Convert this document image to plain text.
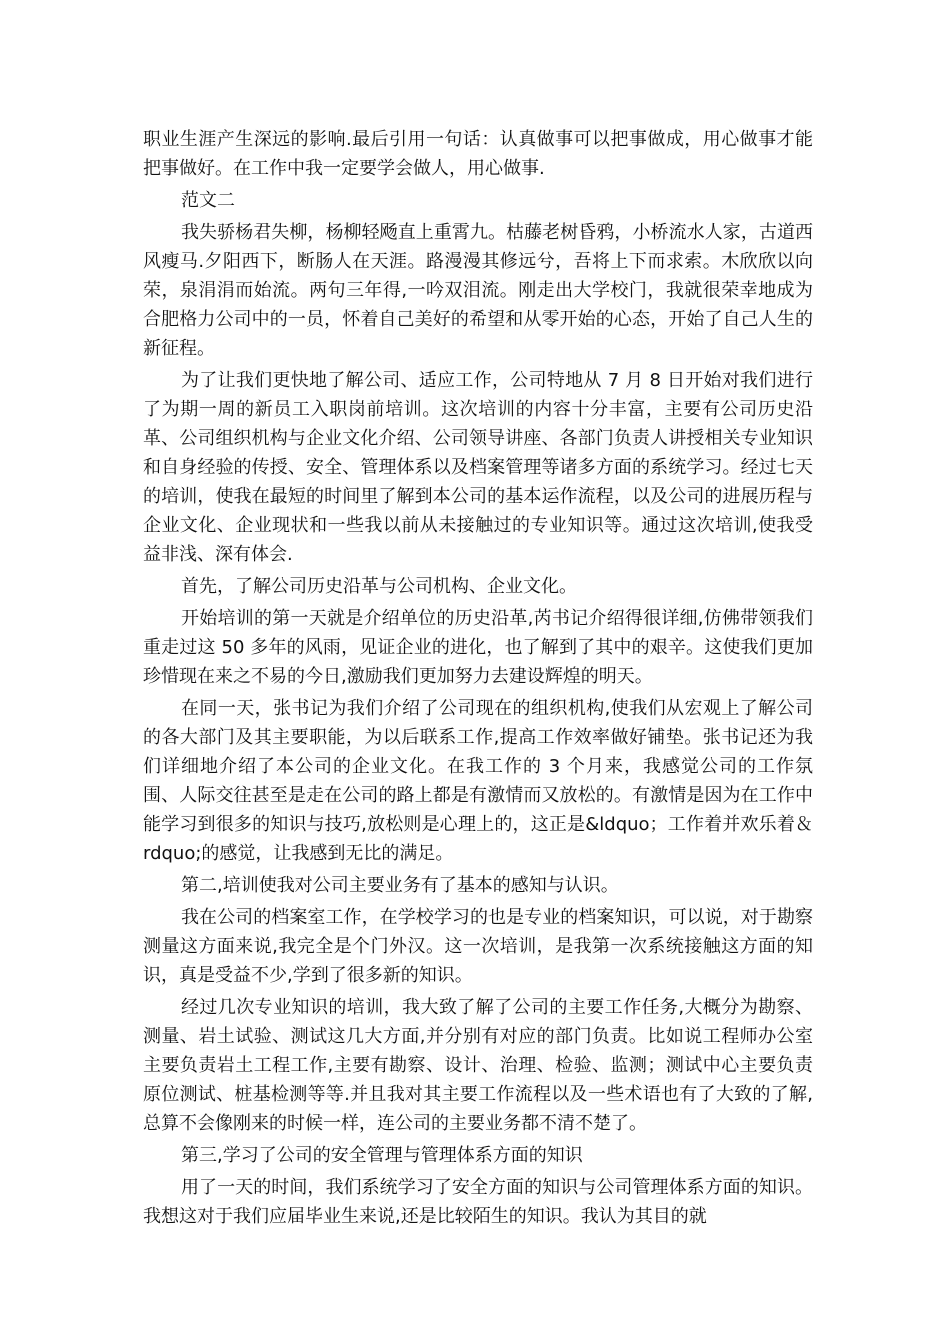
职业生涯产生深远的影响.最后引用一句话：认真做事可以把事做成，用心做事才能把事做好。在工作中我一定要学会做人，用心做事.

范文二

我失骄杨君失柳，杨柳轻飏直上重霄九。枯藤老树昏鸦，小桥流水人家，古道西风瘦马.夕阳西下，断肠人在天涯。路漫漫其修远兮，吾将上下而求索。木欣欣以向荣，泉涓涓而始流。两句三年得,一吟双泪流。刚走出大学校门，我就很荣幸地成为合肥格力公司中的一员，怀着自己美好的希望和从零开始的心态，开始了自己人生的新征程。

为了让我们更快地了解公司、适应工作，公司特地从 7 月 8 日开始对我们进行了为期一周的新员工入职岗前培训。这次培训的内容十分丰富，主要有公司历史沿革、公司组织机构与企业文化介绍、公司领导讲座、各部门负责人讲授相关专业知识和自身经验的传授、安全、管理体系以及档案管理等诸多方面的系统学习。经过七天的培训，使我在最短的时间里了解到本公司的基本运作流程，以及公司的进展历程与企业文化、企业现状和一些我以前从未接触过的专业知识等。通过这次培训,使我受益非浅、深有体会.

首先，了解公司历史沿革与公司机构、企业文化。

开始培训的第一天就是介绍单位的历史沿革,芮书记介绍得很详细,仿佛带领我们重走过这 50 多年的风雨，见证企业的进化，也了解到了其中的艰辛。这使我们更加珍惜现在来之不易的今日,激励我们更加努力去建设辉煌的明天。

在同一天，张书记为我们介绍了公司现在的组织机构,使我们从宏观上了解公司的各大部门及其主要职能，为以后联系工作,提高工作效率做好铺垫。张书记还为我们详细地介绍了本公司的企业文化。在我工作的 3 个月来，我感觉公司的工作氛围、人际交往甚至是走在公司的路上都是有激情而又放松的。有激情是因为在工作中能学习到很多的知识与技巧,放松则是心理上的，这正是&ldquo；工作着并欢乐着＆rdquo;的感觉，让我感到无比的满足。

第二,培训使我对公司主要业务有了基本的感知与认识。

我在公司的档案室工作，在学校学习的也是专业的档案知识，可以说，对于勘察测量这方面来说,我完全是个门外汉。这一次培训，是我第一次系统接触这方面的知识，真是受益不少,学到了很多新的知识。

经过几次专业知识的培训，我大致了解了公司的主要工作任务,大概分为勘察、测量、岩土试验、测试这几大方面,并分别有对应的部门负责。比如说工程师办公室主要负责岩土工程工作,主要有勘察、设计、治理、检验、监测；测试中心主要负责原位测试、桩基检测等等.并且我对其主要工作流程以及一些术语也有了大致的了解,总算不会像刚来的时候一样，连公司的主要业务都不清不楚了。

第三,学习了公司的安全管理与管理体系方面的知识

用了一天的时间，我们系统学习了安全方面的知识与公司管理体系方面的知识。我想这对于我们应届毕业生来说,还是比较陌生的知识。我认为其目的就
